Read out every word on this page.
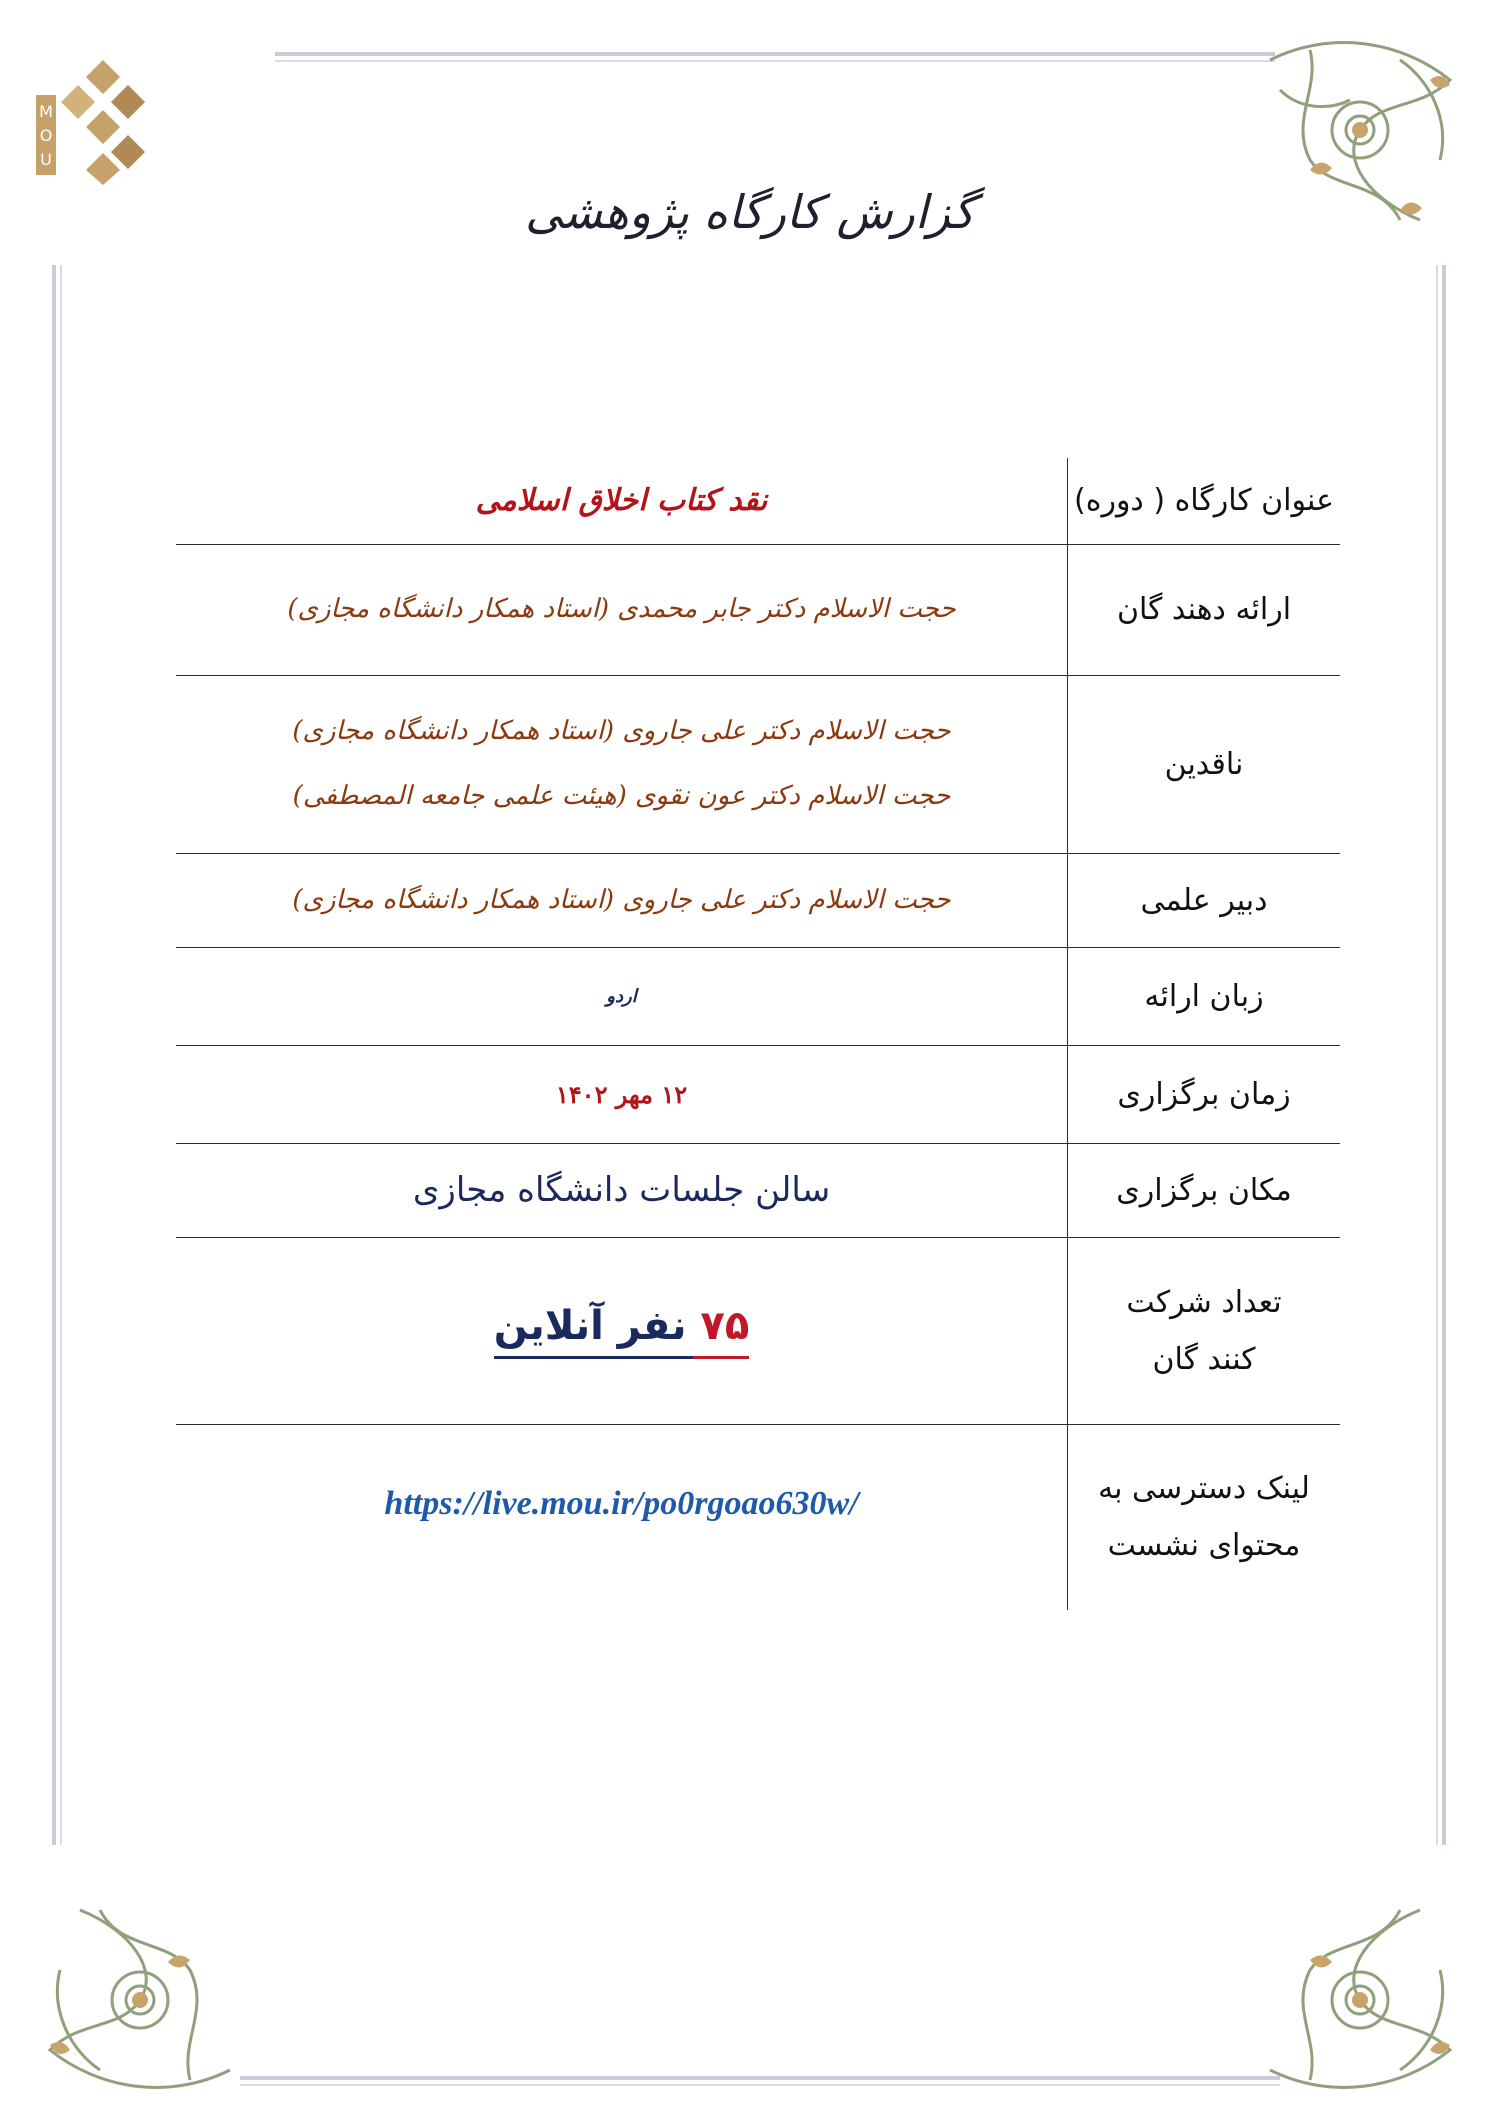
M
O
U
گزارش کارگاه پژوهشی
عنوان کارگاه ( دوره)	نقد کتاب اخلاق اسلامی
ارائه دهند گان	حجت الاسلام دکتر جابر محمدی (استاد همکار دانشگاه مجازی)
ناقدین	حجت الاسلام دکتر علی جاروی (استاد همکار دانشگاه مجازی)
حجت الاسلام دکتر عون نقوی (هیئت علمی جامعه المصطفی)

دبیر علمی	حجت الاسلام دکتر علی جاروی (استاد همکار دانشگاه مجازی)
زبان ارائه	اردو
زمان برگزاری	۱۲ مهر ۱۴۰۲
مکان برگزاری	سالن جلسات دانشگاه مجازی

تعداد شرکت
کنند گان	۷۵ نفر آنلاین

لینک دسترسی به
محتوای نشست	https://live.mou.ir/po0rgoao630w/
